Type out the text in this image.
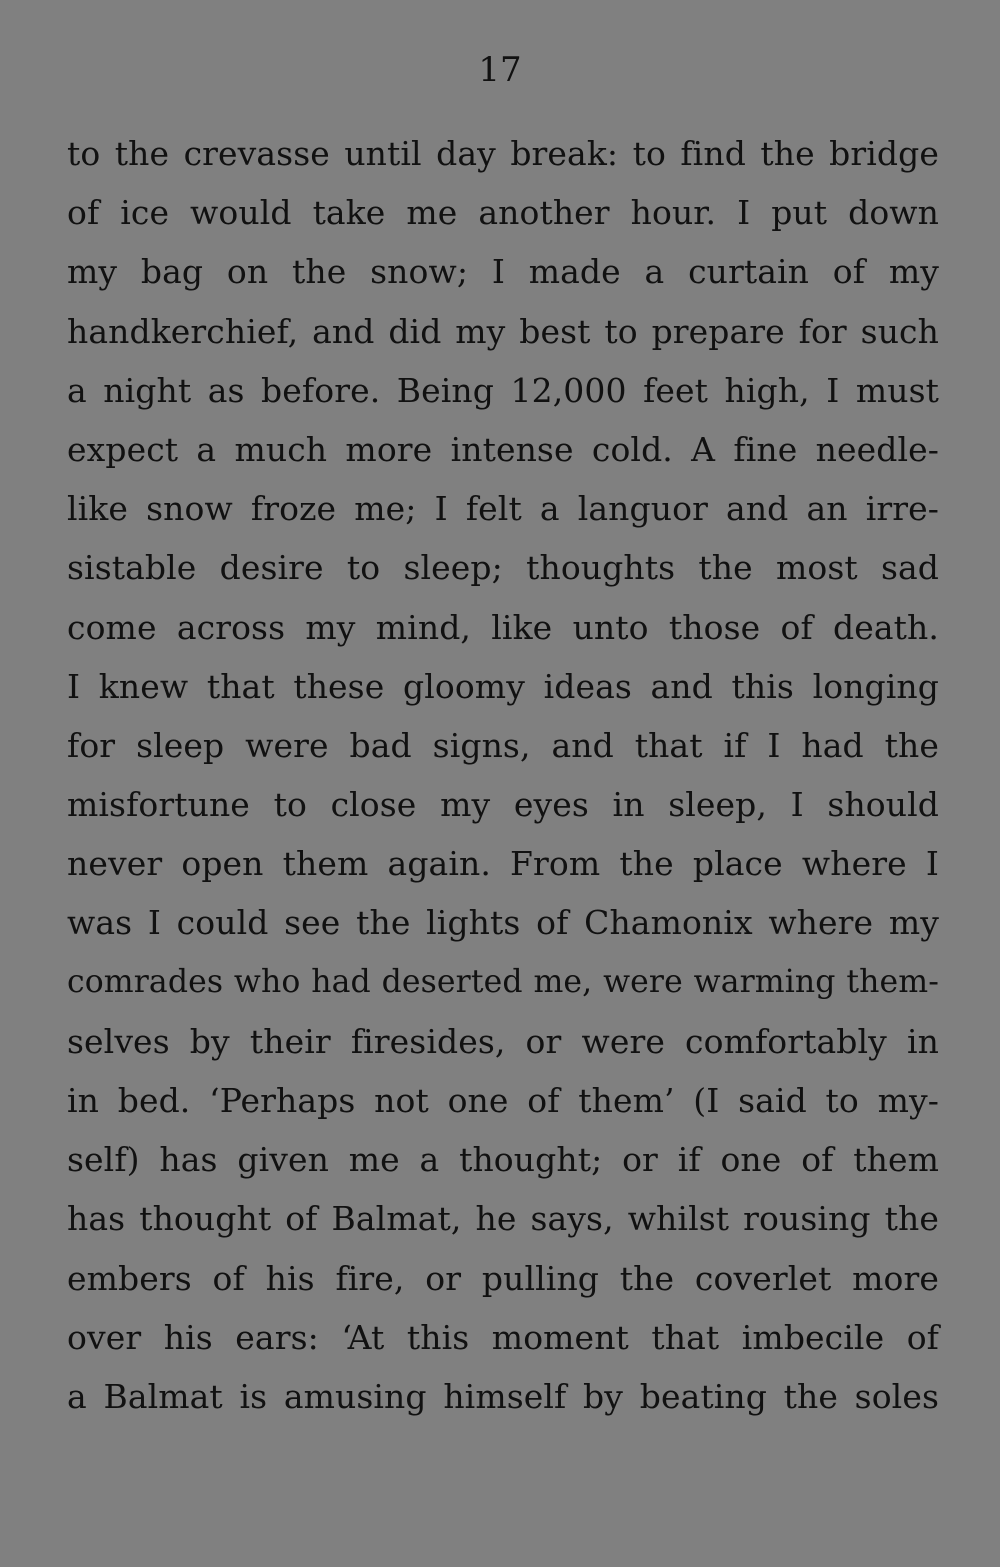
17
to the crevasse until day break: to find the bridge
of ice would take me another hour. I put down
my bag on the snow; I made a curtain of my
handkerchief, and did my best to prepare for such
a night as before. Being 12,000 feet high, I must
expect a much more intense cold. A fine needle-
like snow froze me; I felt a languor and an irre-
sistable desire to sleep; thoughts the most sad
come across my mind, like unto those of death.
I knew that these gloomy ideas and this longing
for sleep were bad signs, and that if I had the
misfortune to close my eyes in sleep, I should
never open them again. From the place where I
was I could see the lights of Chamonix where my
comrades who had deserted me, were warming them-
selves by their firesides, or were comfortably in
in bed. ‘Perhaps not one of them’ (I said to my-
self) has given me a thought; or if one of them
has thought of Balmat, he says, whilst rousing the
embers of his fire, or pulling the coverlet more
over his ears: ‘At this moment that imbecile of
a Balmat is amusing himself by beating the soles
